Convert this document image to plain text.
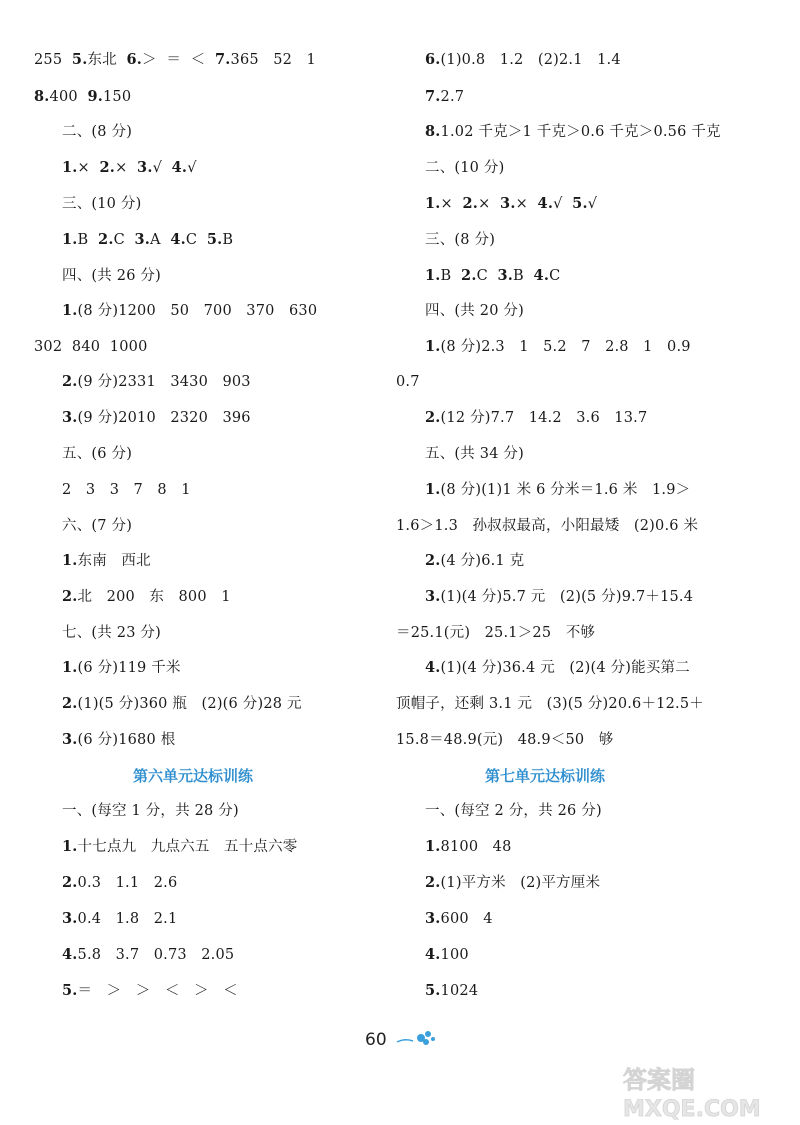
255  5.东北  6.＞  ＝  ＜  7.365   52   1
8.400  9.150
二、(8 分)
1.×  2.×  3.√  4.√
三、(10 分)
1.B  2.C  3.A  4.C  5.B
四、(共 26 分)
1.(8 分)1200   50   700   370   630
302  840  1000
2.(9 分)2331   3430   903
3.(9 分)2010   2320   396
五、(6 分)
2   3   3   7   8   1
六、(7 分)
1.东南   西北
2.北   200   东   800   1
七、(共 23 分)
1.(6 分)119 千米
2.(1)(5 分)360 瓶   (2)(6 分)28 元
3.(6 分)1680 根
第六单元达标训练
一、(每空 1 分，共 28 分)
1.十七点九   九点六五   五十点六零
2.0.3   1.1   2.6
3.0.4   1.8   2.1
4.5.8   3.7   0.73   2.05
5.＝   ＞   ＞   ＜   ＞   ＜
6.(1)0.8   1.2   (2)2.1   1.4
7.2.7
8.1.02 千克＞1 千克＞0.6 千克＞0.56 千克
二、(10 分)
1.×  2.×  3.×  4.√  5.√
三、(8 分)
1.B  2.C  3.B  4.C
四、(共 20 分)
1.(8 分)2.3   1   5.2   7   2.8   1   0.9
0.7
2.(12 分)7.7   14.2   3.6   13.7
五、(共 34 分)
1.(8 分)(1)1 米 6 分米＝1.6 米   1.9＞
1.6＞1.3   孙叔叔最高，小阳最矮   (2)0.6 米
2.(4 分)6.1 克
3.(1)(4 分)5.7 元   (2)(5 分)9.7＋15.4
＝25.1(元)   25.1＞25   不够
4.(1)(4 分)36.4 元   (2)(4 分)能买第二
顶帽子，还剩 3.1 元   (3)(5 分)20.6＋12.5＋
15.8＝48.9(元)   48.9＜50   够
第七单元达标训练
一、(每空 2 分，共 26 分)
1.8100   48
2.(1)平方米   (2)平方厘米
3.600   4
4.100
5.1024
60
答案圈
MXQE.COM
